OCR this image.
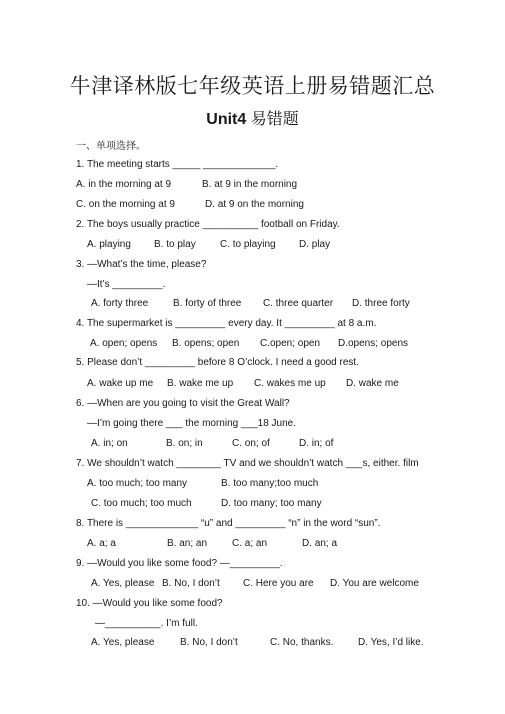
牛津译林版七年级英语上册易错题汇总
Unit4 易错题
一、单项选择。
1. The meeting starts _____ _____________.
A. in the morning at 9	B. at 9 in the morning
C. on the morning at 9	D. at 9 on the morning
2. The boys usually practice __________ football on Friday.
A. playing B. to play C. to playing D. play
3. —What’s the time, please?
—It’s _________.
A. forty three B. forty of three C. three quarter D. three forty
4. The supermarket is _________ every day. It _________ at 8 a.m.
A. open; opens B. opens; open C.open; open D.opens; opens
5. Please don’t _________ before 8 O’clock. I need a good rest.
A. wake up me B. wake me up C. wakes me up D. wake me
6. —When are you going to visit the Great Wall?
—I’m going there ___ the morning ___18 June.
A. in; on	B. on; in	C. on; of	D. in; of
7. We shouldn’t watch ________ TV and we shouldn’t watch ___s, either. film
A. too much; too many	B. too many;too much
C. too much; too much	D. too many; too many
8. There is _____________ “u” and _________ “n” in the word “sun”.
A. a; a	B. an; an C. a; an	D. an; a
9. —Would you like some food? —_________.
A. Yes, please B. No, I don’t C. Here you are D. You are welcome
10. —Would you like some food?
—__________. I’m full.
A. Yes, please	B. No, I don’t	C. No, thanks. D. Yes, I’d like.
